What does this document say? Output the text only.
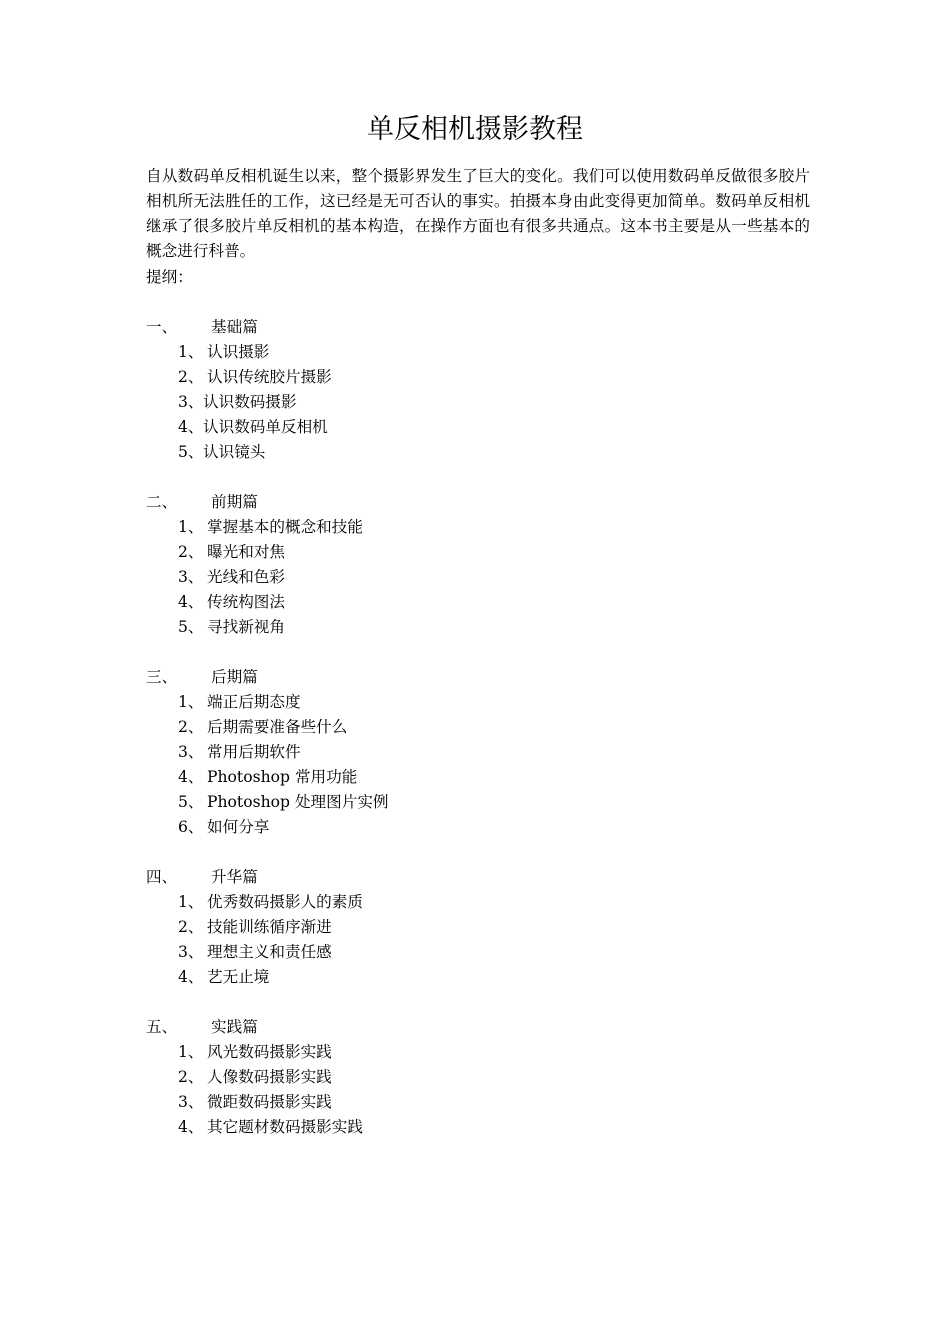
单反相机摄影教程

自从数码单反相机诞生以来，整个摄影界发生了巨大的变化。我们可以使用数码单反做很多胶片相机所无法胜任的工作，这已经是无可否认的事实。拍摄本身由此变得更加简单。数码单反相机继承了很多胶片单反相机的基本构造，在操作方面也有很多共通点。这本书主要是从一些基本的概念进行科普。

提纲：
一、 基础篇
1、 认识摄影
2、 认识传统胶片摄影
3、认识数码摄影
4、认识数码单反相机
5、认识镜头
二、 前期篇
1、 掌握基本的概念和技能
2、 曝光和对焦
3、 光线和色彩
4、 传统构图法
5、 寻找新视角
三、 后期篇
1、 端正后期态度
2、 后期需要准备些什么
3、 常用后期软件
4、 Photoshop 常用功能
5、 Photoshop 处理图片实例
6、 如何分享
四、 升华篇
1、 优秀数码摄影人的素质
2、 技能训练循序渐进
3、 理想主义和责任感
4、 艺无止境
五、 实践篇
1、 风光数码摄影实践
2、 人像数码摄影实践
3、 微距数码摄影实践
4、 其它题材数码摄影实践
